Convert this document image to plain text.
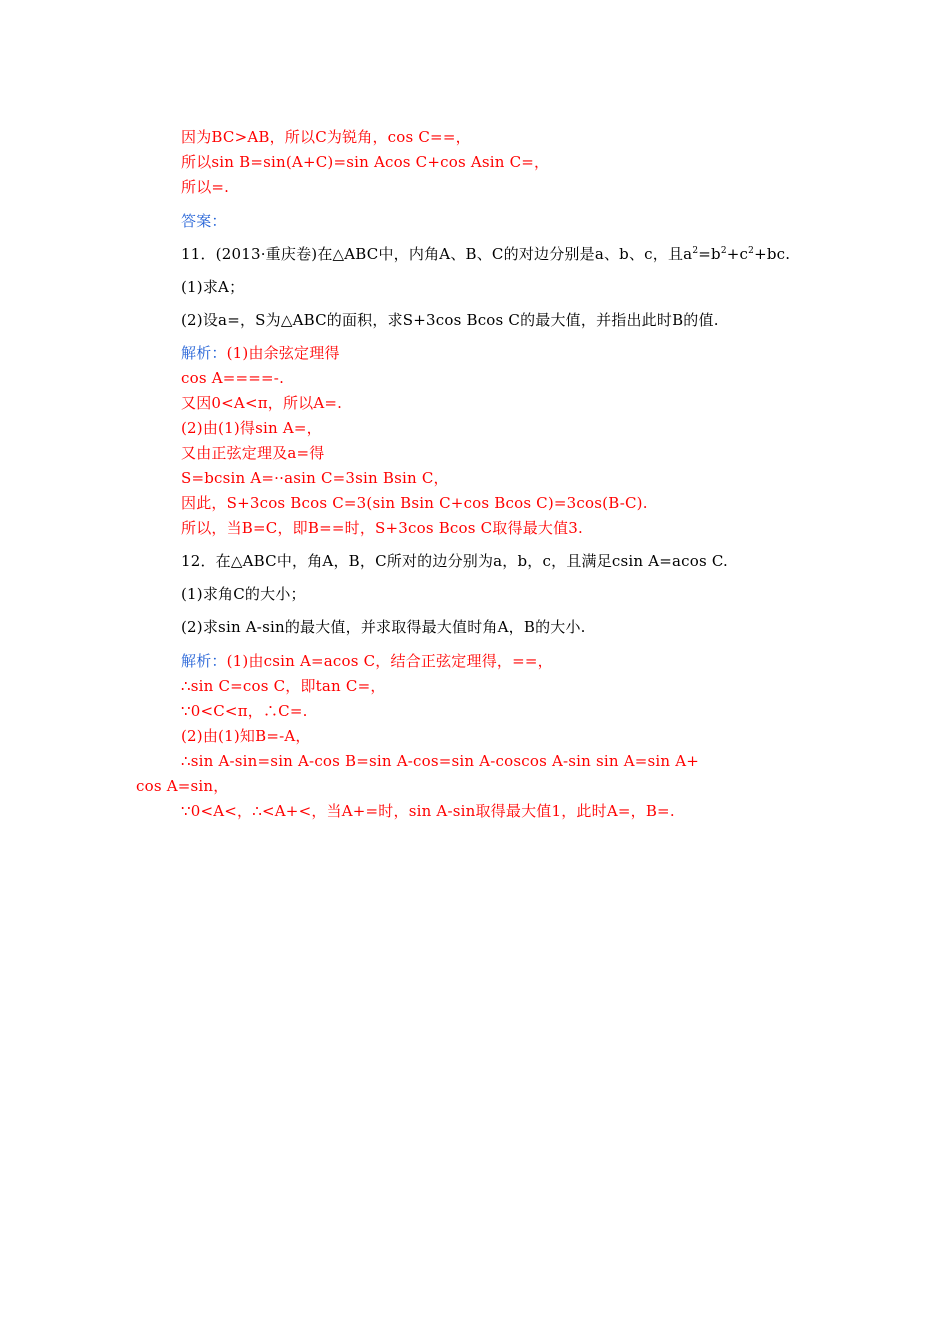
因为BC>AB，所以C为锐角，cos C==，
所以sin B=sin(A+C)=sin Acos C+cos Asin C=，
所以=.
答案：
11．(2013·重庆卷)在△ABC中，内角A、B、C的对边分别是a、b、c，且$a^2=b^2+c^2+bc$.
(1)求A；
(2)设a=，S为△ABC的面积，求S+3cos Bcos C的最大值，并指出此时B的值.
解析：(1)由余弦定理得
cos A====-.
又因0<A<π，所以A=.
(2)由(1)得sin A=，
又由正弦定理及a=得
S=bcsin A=··asin C=3sin Bsin C，
因此，S+3cos Bcos C=3(sin Bsin C+cos Bcos C)=3cos(B-C).
所以，当B=C，即B==时，S+3cos Bcos C取得最大值3.
12．在△ABC中，角A，B，C所对的边分别为a，b，c，且满足csin A=acos C.
(1)求角C的大小；
(2)求sin A-sin的最大值，并求取得最大值时角A，B的大小.
解析：(1)由csin A=acos C，结合正弦定理得，==，
∴sin C=cos C，即tan C=，
∵0<C<π，∴C=.
(2)由(1)知B=-A，
∴sin A-sin=sin A-cos B=sin A-cos=sin A-coscos A-sin sin A=sin A+
cos A=sin，
∵0<A<，∴<A+<，当A+=时，sin A-sin取得最大值1，此时A=，B=.
